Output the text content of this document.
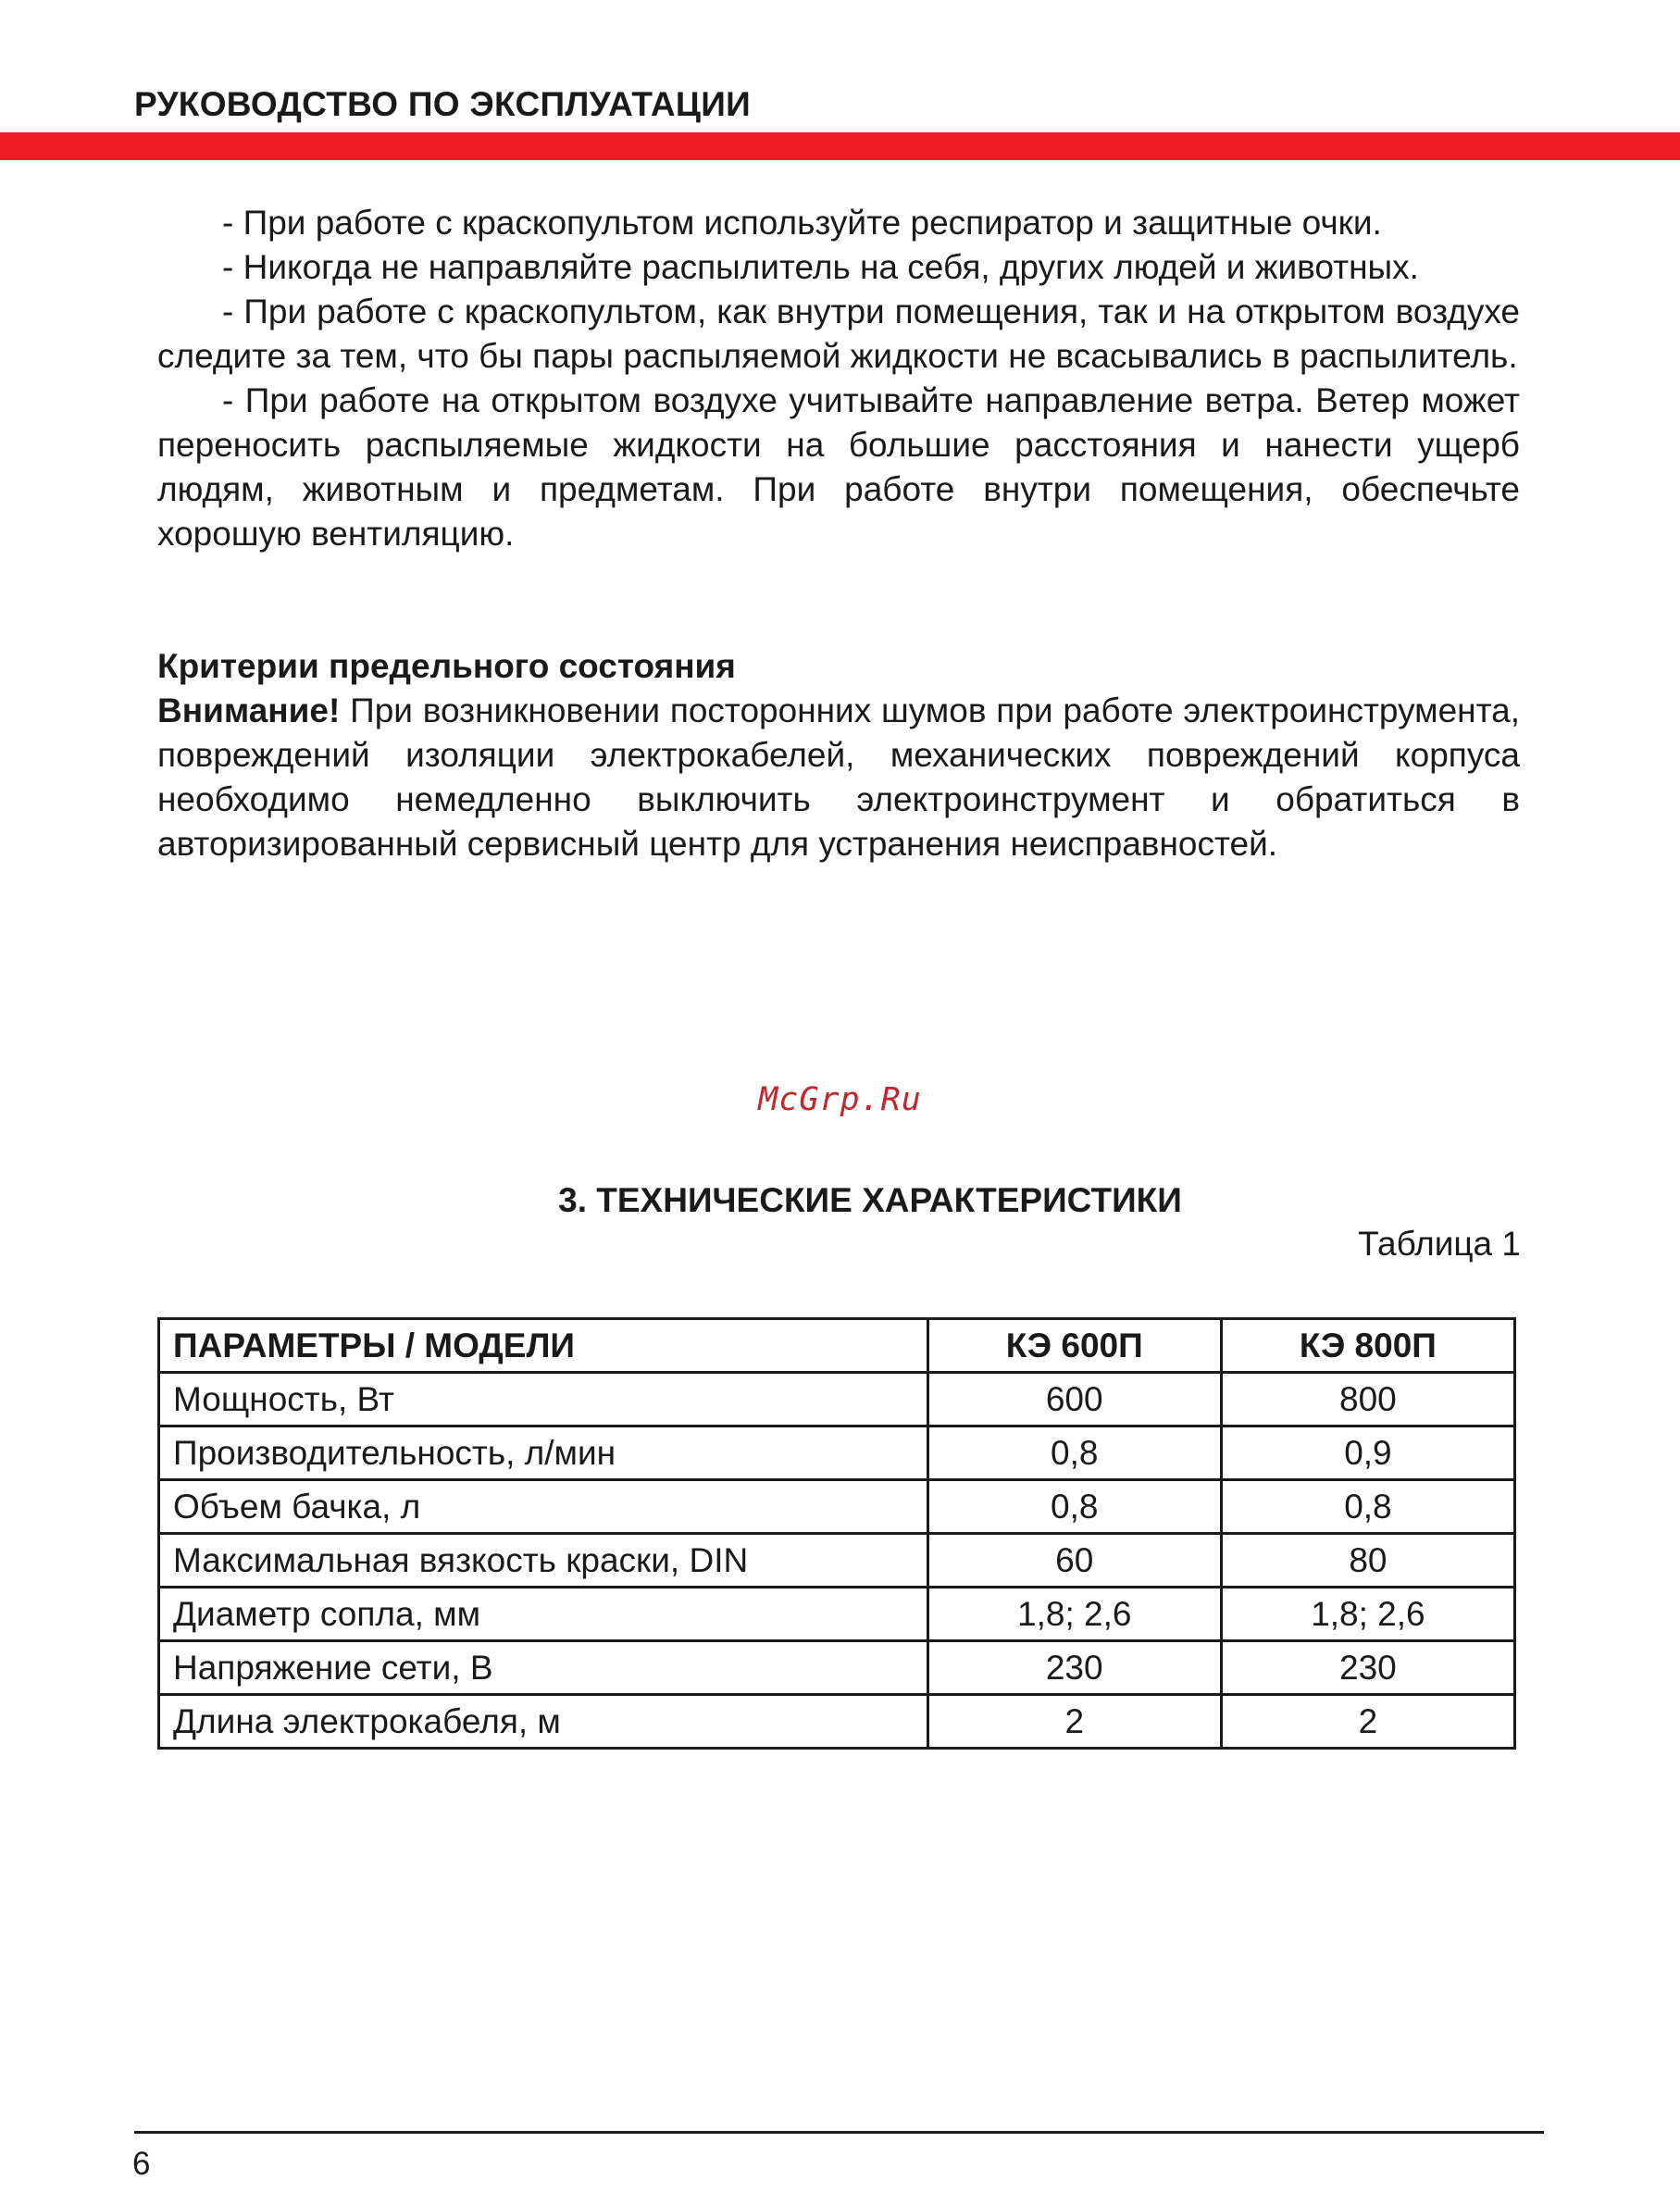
РУКОВОДСТВО ПО ЭКСПЛУАТАЦИИ

- При работе с краскопультом используйте респиратор и защитные очки.

- Никогда не направляйте распылитель на себя, других людей и животных.

- При работе с краскопультом, как внутри помещения, так и на открытом воздухе следите за тем, что бы пары распыляемой жидкости не всасывались в распылитель.

- При работе на открытом воздухе учитывайте направление ветра. Ветер может переносить распыляемые жидкости на большие расстояния и нанести ущерб людям, животным и предметам. При работе внутри помещения, обеспечьте хорошую вентиляцию.

Критерии предельного состояния

Внимание! При возникновении посторонних шумов при работе электроинструмента, повреждений изоляции электрокабелей, механических повреждений корпуса необходимо немедленно выключить электроинструмент и обратиться в авторизированный сервисный центр для устранения неисправностей.

McGrp.Ru
3. ТЕХНИЧЕСКИЕ ХАРАКТЕРИСТИКИ
Таблица 1
ПАРАМЕТРЫ / МОДЕЛИ	КЭ 600П	КЭ 800П
Мощность, Вт	600	800
Производительность, л/мин	0,8	0,9
Объем бачка, л	0,8	0,8
Максимальная вязкость краски, DIN	60	80
Диаметр сопла, мм	1,8; 2,6	1,8; 2,6
Напряжение сети, В	230	230
Длина электрокабеля, м	2	2
6
